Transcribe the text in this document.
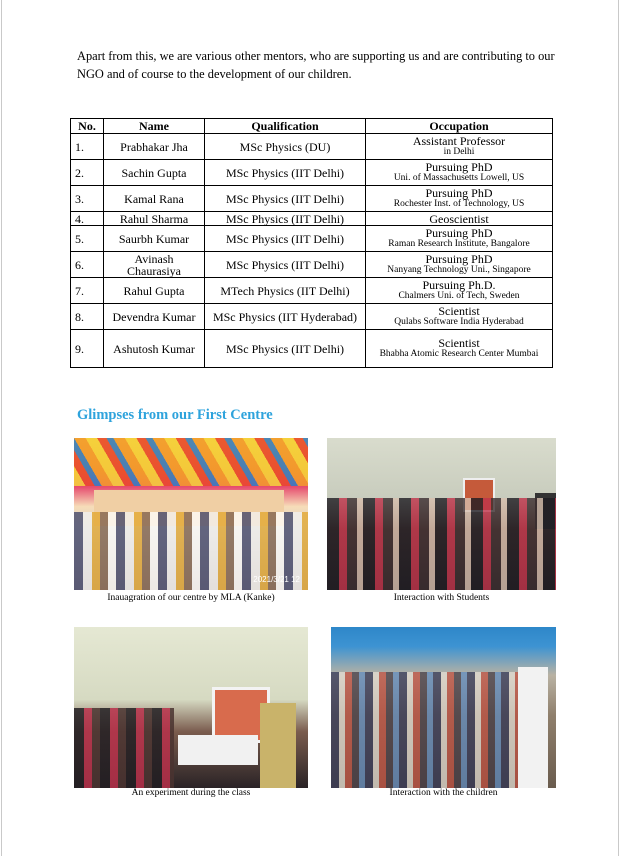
Apart from this, we are various other mentors, who are supporting us and are contributing to our NGO and of course to the development of our children.

No.	Name	Qualification	Occupation
1.	Prabhakar Jha	MSc Physics (DU)	Assistant Professor
in Delhi

2.	Sachin Gupta	MSc Physics (IIT Delhi)	Pursuing PhD
Uni. of Massachusetts Lowell, US

3.	Kamal Rana	MSc Physics (IIT Delhi)	Pursuing PhD
Rochester Inst. of Technology, US

4.	Rahul Sharma	MSc Physics (IIT Delhi)	Geoscientist

5.	Saurbh Kumar	MSc Physics (IIT Delhi)	Pursuing PhD
Raman Research Institute, Bangalore

6.	Avinash Chaurasiya	MSc Physics (IIT Delhi)	Pursuing PhD
Nanyang Technology Uni., Singapore

7.	Rahul Gupta	MTech Physics (IIT Delhi)	Pursuing Ph.D.
Chalmers Uni. of Tech, Sweden

8.	Devendra Kumar	MSc Physics (IIT Hyderabad)	Scientist
Qulabs Software India Hyderabad

9.	Ashutosh Kumar	MSc Physics (IIT Delhi)	Scientist
Bhabha Atomic Research Center Mumbai
Glimpses from our First Centre
2021/3/21 12

Inauagration of our centre by MLA (Kanke)	Interaction with Students

An experiment during the class	Interaction with the children
